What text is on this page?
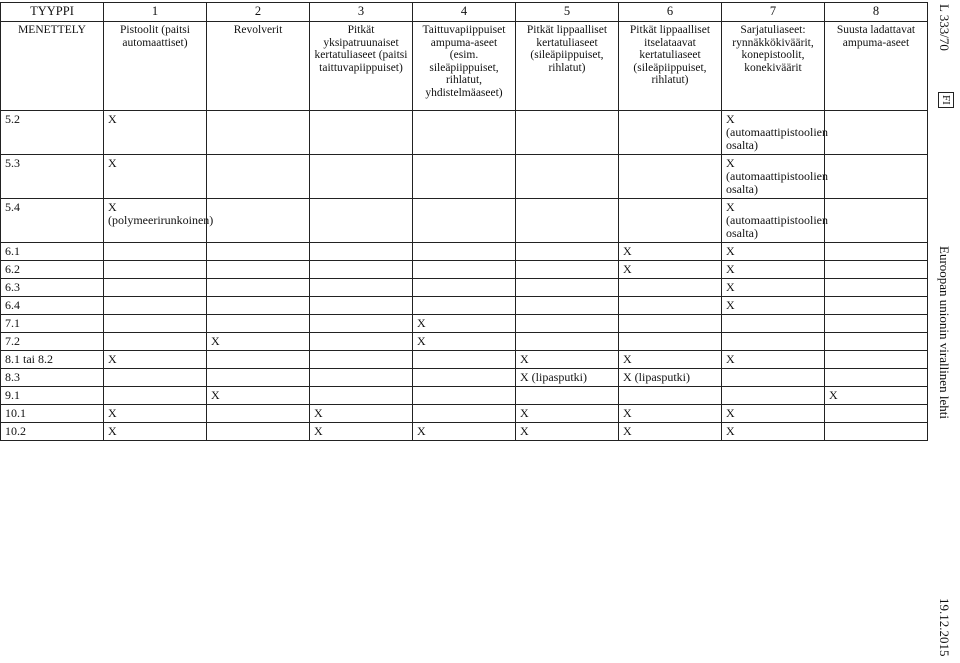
TYYPPI	1	2	3	4	5	6	7	8
MENETTELY	Pistoolit (paitsi automaattiset)	Revolverit	Pitkät yksipatruunaiset kertatuliaseet (paitsi taittuvapiippuiset)	Taittuvapiippuiset ampuma-aseet (esim. sileäpiippuiset, rihlatut, yhdistelmäaseet)	Pitkät lippaalliset kertatuliaseet (sileäpiippuiset, rihlatut)	Pitkät lippaalliset itselataavat kertatuliaseet (sileäpiippuiset, rihlatut)	Sarjatuliaseet: rynnäkkökiväärit, konepistoolit, konekiväärit	Suusta ladattavat ampuma-aseet
5.2	X						X (automaattipistoolien osalta)	
5.3	X						X (automaattipistoolien osalta)	
5.4	X (polymeerirunkoinen)						X (automaattipistoolien osalta)	
6.1						X	X	
6.2						X	X	
6.3							X	
6.4							X	
7.1				X				
7.2		X		X				
8.1 tai 8.2	X				X	X	X	
8.3					X (lipasputki)	X (lipasputki)		
9.1		X						X
10.1	X		X		X	X	X	
10.2	X		X	X	X	X	X	
L 333/70
FI
Euroopan unionin virallinen lehti
19.12.2015
